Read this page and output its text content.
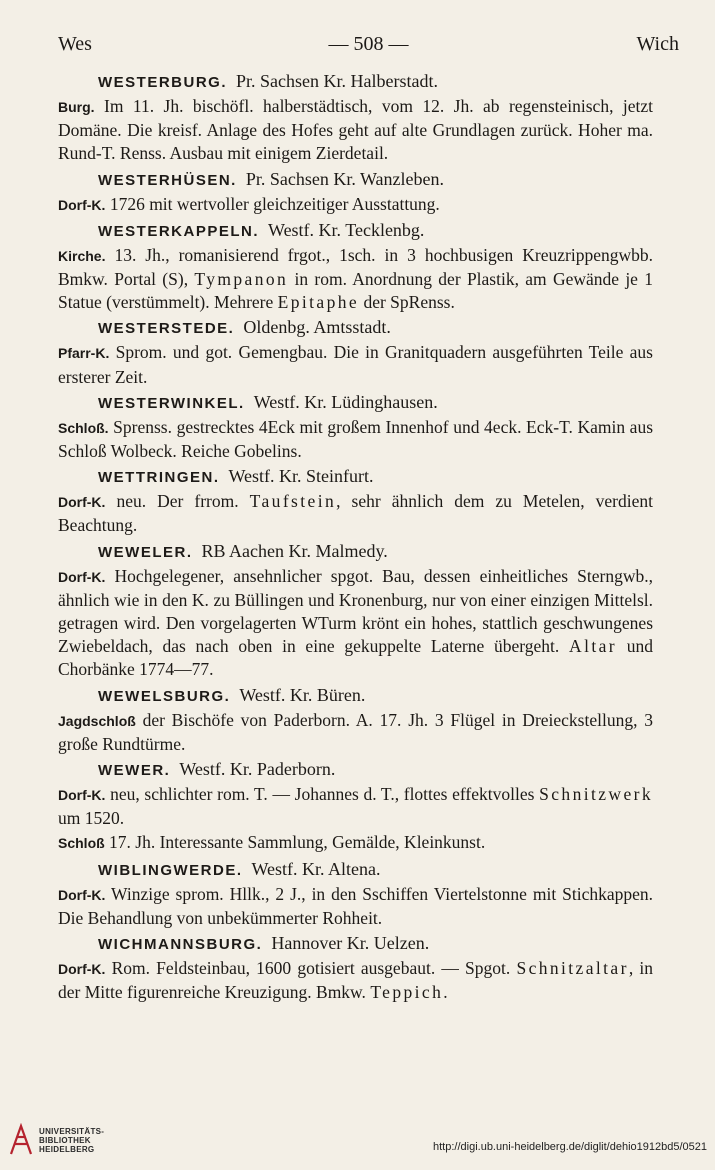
Wes	— 508 —	Wich
WESTERBURG.  Pr. Sachsen Kr. Halberstadt.

Burg. Im 11. Jh. bischöfl. halberstädtisch, vom 12. Jh. ab regensteinisch, jetzt Domäne. Die kreisf. Anlage des Hofes geht auf alte Grundlagen zurück. Hoher ma. Rund-T. Renss. Ausbau mit einigem Zierdetail.

WESTERHÜSEN.  Pr. Sachsen Kr. Wanzleben.

Dorf-K. 1726 mit wertvoller gleichzeitiger Ausstattung.

WESTERKAPPELN.  Westf. Kr. Tecklenbg.

Kirche. 13. Jh., romanisierend frgot., 1sch. in 3 hochbusigen Kreuzrippengwbb. Bmkw. Portal (S), Tympanon in rom. Anordnung der Plastik, am Gewände je 1 Statue (verstümmelt). Mehrere Epitaphe der SpRenss.

WESTERSTEDE.  Oldenbg. Amtsstadt.

Pfarr-K. Sprom. und got. Gemengbau. Die in Granitquadern ausgeführten Teile aus ersterer Zeit.

WESTERWINKEL.  Westf. Kr. Lüdinghausen.

Schloß. Sprenss. gestrecktes 4Eck mit großem Innenhof und 4eck. Eck-T. Kamin aus Schloß Wolbeck. Reiche Gobelins.

WETTRINGEN.  Westf. Kr. Steinfurt.

Dorf-K. neu. Der frrom. Taufstein, sehr ähnlich dem zu Metelen, verdient Beachtung.

WEWELER.  RB Aachen Kr. Malmedy.

Dorf-K. Hochgelegener, ansehnlicher spgot. Bau, dessen einheitliches Sterngwb., ähnlich wie in den K. zu Büllingen und Kronenburg, nur von einer einzigen Mittelsl. getragen wird. Den vorgelagerten WTurm krönt ein hohes, stattlich geschwungenes Zwiebeldach, das nach oben in eine gekuppelte Laterne übergeht. Altar und Chorbänke 1774—77.

WEWELSBURG.  Westf. Kr. Büren.

Jagdschloß der Bischöfe von Paderborn. A. 17. Jh. 3 Flügel in Dreieckstellung, 3 große Rundtürme.

WEWER.  Westf. Kr. Paderborn.

Dorf-K. neu, schlichter rom. T. — Johannes d. T., flottes effektvolles Schnitzwerk um 1520.

Schloß 17. Jh. Interessante Sammlung, Gemälde, Kleinkunst.

WIBLINGWERDE.  Westf. Kr. Altena.

Dorf-K. Winzige sprom. Hllk., 2 J., in den Sschiffen Viertelstonne mit Stichkappen. Die Behandlung von unbekümmerter Rohheit.

WICHMANNSBURG.  Hannover Kr. Uelzen.

Dorf-K. Rom. Feldsteinbau, 1600 gotisiert ausgebaut. — Spgot. Schnitzaltar, in der Mitte figurenreiche Kreuzigung. Bmkw. Teppich.

UNIVERSITÄTS-
BIBLIOTHEK
HEIDELBERG	http://digi.ub.uni-heidelberg.de/diglit/dehio1912bd5/0521
